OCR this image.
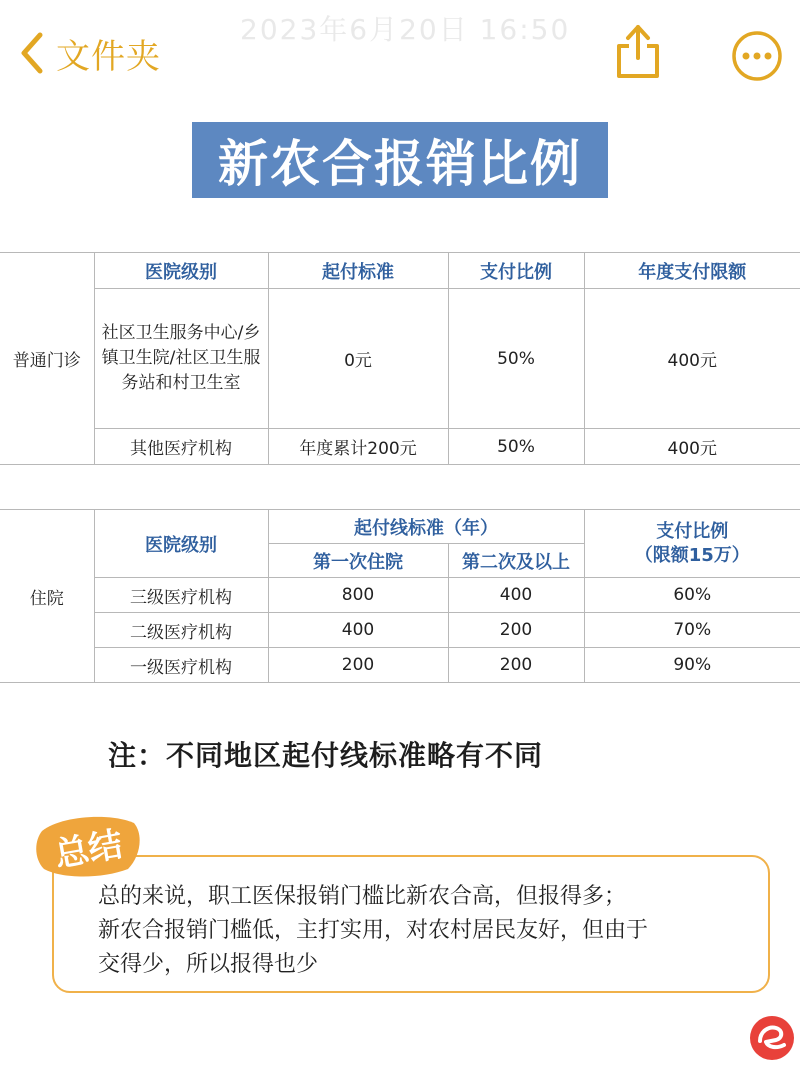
2023年6月20日 16:50
文件夹
新农合报销比例
普通门诊	医院级别	起付标准	支付比例	年度支付限额
	社区卫生服务中心/乡镇卫生院/社区卫生服务站和村卫生室	0元	50%	400元
	其他医疗机构	年度累计200元	50%	400元
住院	医院级别	起付线标准（年）		支付比例
（限额15万）

		第一次住院	第二次及以上	
	三级医疗机构	800	400	60%
	二级医疗机构	400	200	70%
	一级医疗机构	200	200	90%
注：不同地区起付线标准略有不同
总的来说，职工医保报销门槛比新农合高，但报得多；
新农合报销门槛低，主打实用，对农村居民友好，但由于
交得少，所以报得也少
总结
